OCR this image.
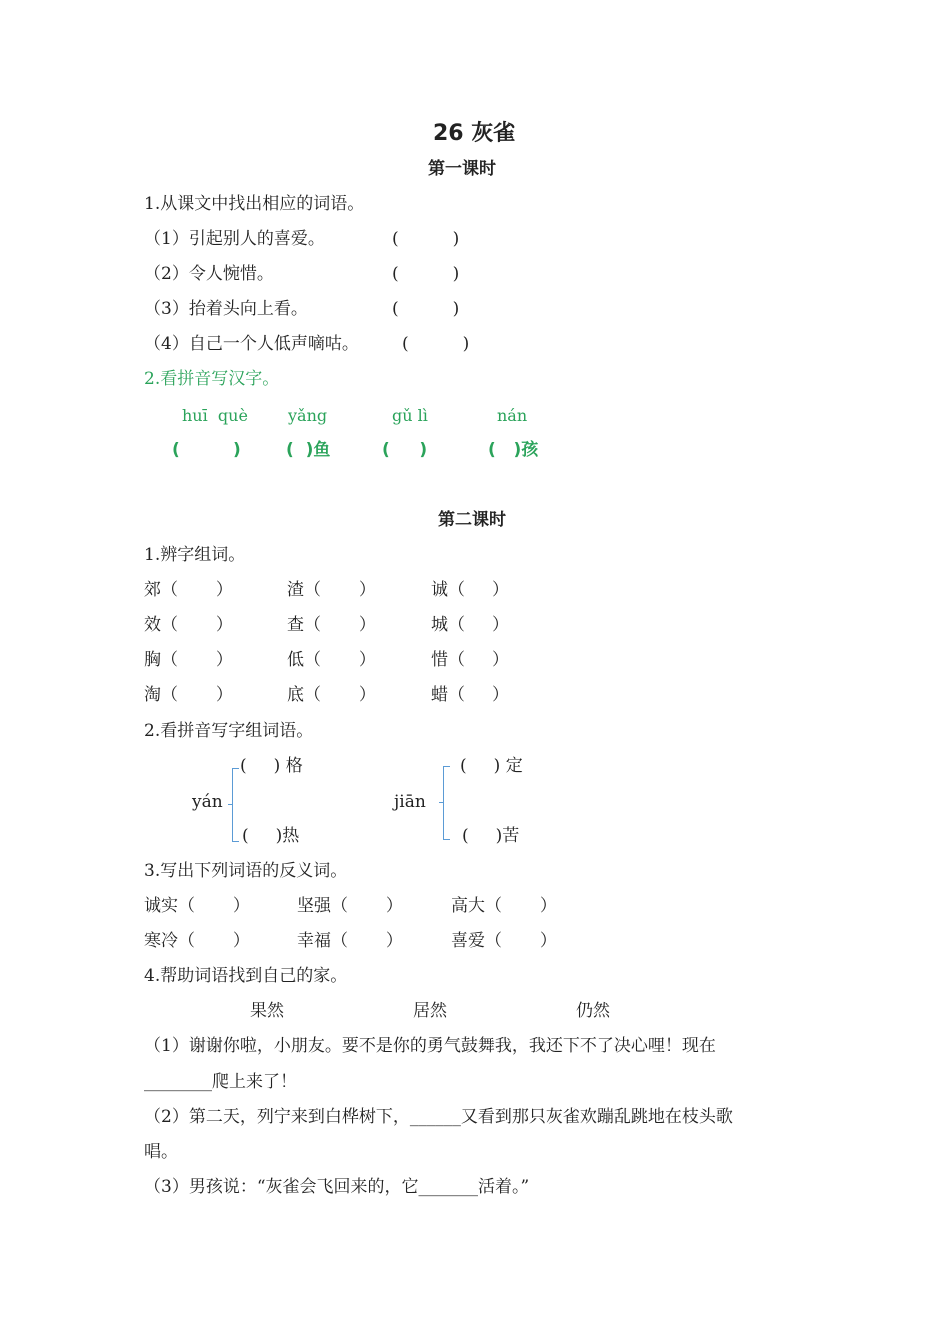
26 灰雀
第一课时
1.从课文中找出相应的词语。
（1）引起别人的喜爱。	(          )
（2）令人惋惜。	(          )
（3）抬着头向上看。	(          )
（4）自己一个人低声嘀咕。	(          )
2.看拼音写汉字。
huī  què	yǎng	gǔ lì	nán
(         )	(  )鱼	(     )	(   )孩
第二课时
1.辨字组词。
郊（       ）	渣（       ）	诚（     ）
效（       ）	查（       ）	城（     ）
胸（       ）	低（       ）	惜（     ）
淘（       ）	底（       ）	蜡（     ）
2.看拼音写字组词语。
(     ) 格
yán
(     )热
(     ) 定
jiān
(     )苦
3.写出下列词语的反义词。
诚实（       ）	坚强（       ）	高大（       ）
寒冷（       ）	幸福（       ）	喜爱（       ）
4.帮助词语找到自己的家。
果然	居然	仍然
（1）谢谢你啦，小朋友。要不是你的勇气鼓舞我，我还下不了决心哩！现在
________爬上来了！
（2）第二天，列宁来到白桦树下，______又看到那只灰雀欢蹦乱跳地在枝头歌
唱。
（3）男孩说：“灰雀会飞回来的，它_______活着。”
